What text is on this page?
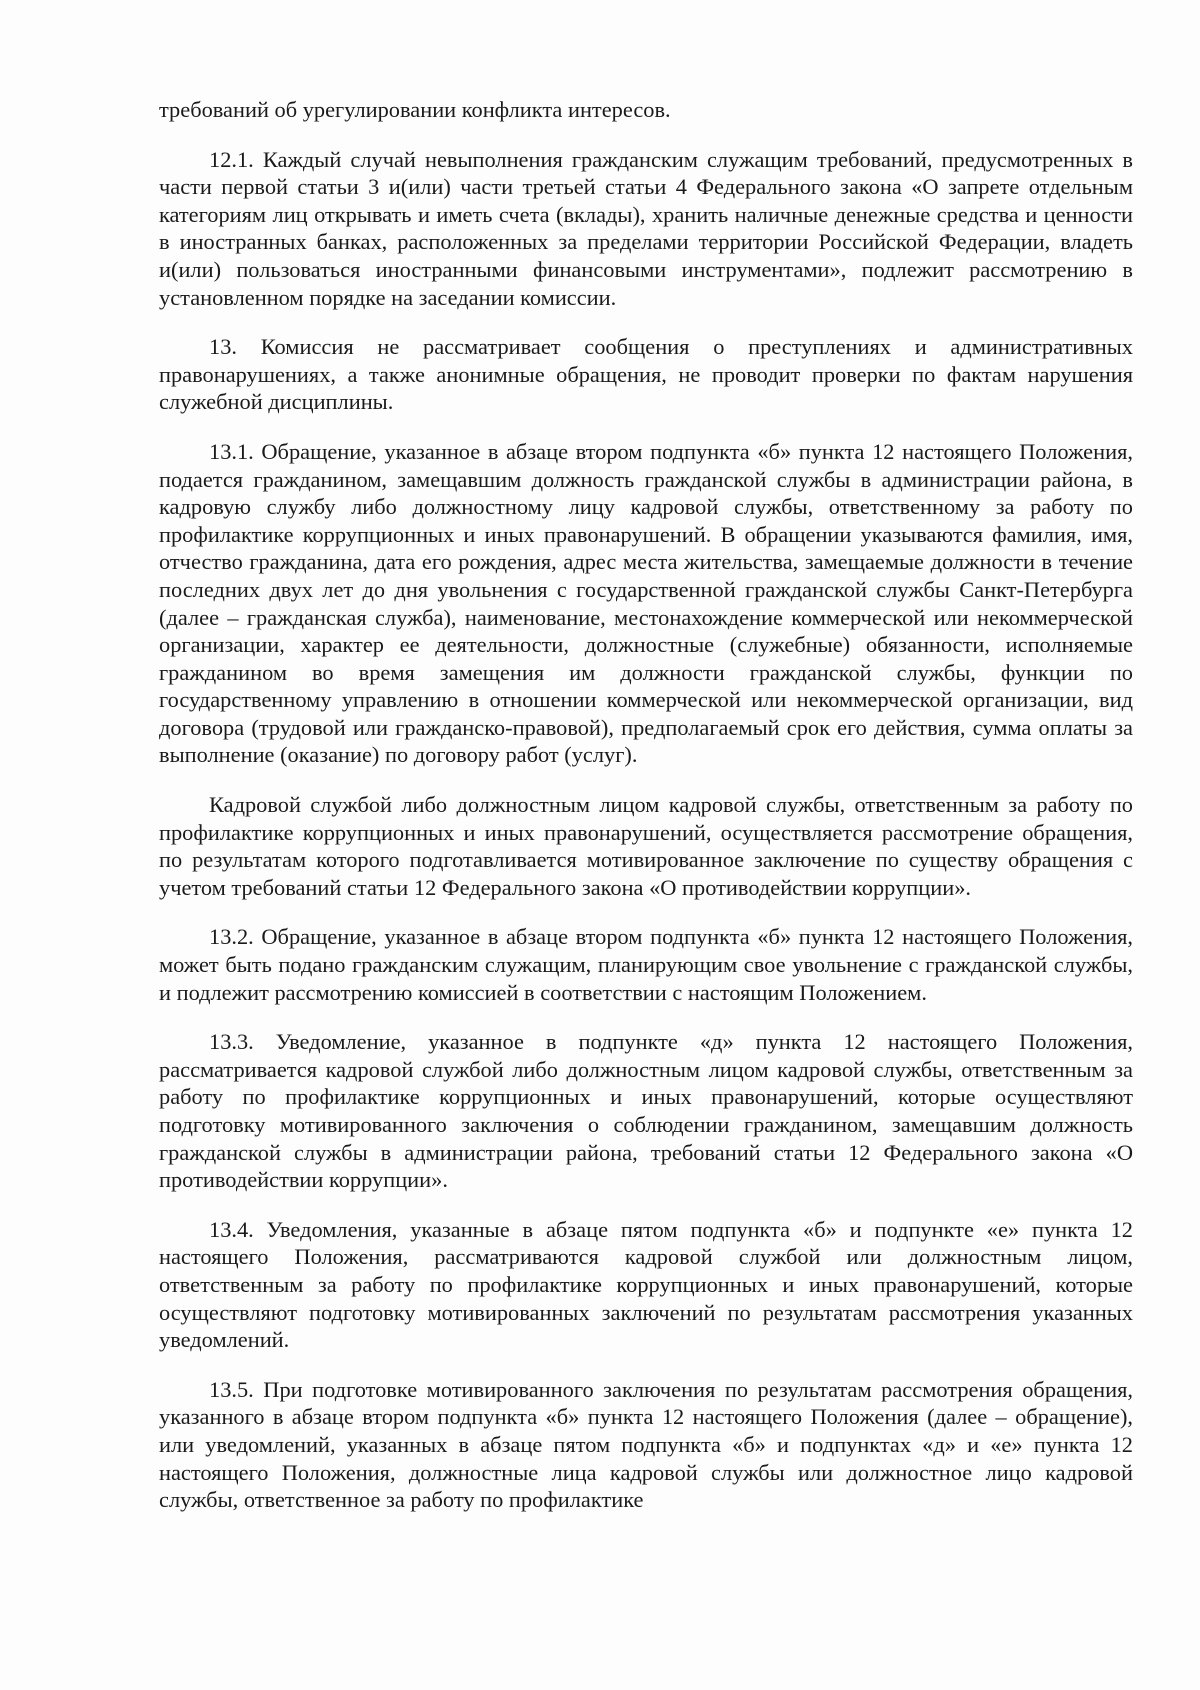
требований об урегулировании конфликта интересов.

12.1. Каждый случай невыполнения гражданским служащим требований, предусмотренных в части первой статьи 3 и(или) части третьей статьи 4 Федерального закона «О запрете отдельным категориям лиц открывать и иметь счета (вклады), хранить наличные денежные средства и ценности в иностранных банках, расположенных за пределами территории Российской Федерации, владеть и(или) пользоваться иностранными финансовыми инструментами», подлежит рассмотрению в установленном порядке на заседании комиссии.

13. Комиссия не рассматривает сообщения о преступлениях и административных правонарушениях, а также анонимные обращения, не проводит проверки по фактам нарушения служебной дисциплины.

13.1. Обращение, указанное в абзаце втором подпункта «б» пункта 12 настоящего Положения, подается гражданином, замещавшим должность гражданской службы в администрации района, в кадровую службу либо должностному лицу кадровой службы, ответственному за работу по профилактике коррупционных и иных правонарушений. В обращении указываются фамилия, имя, отчество гражданина, дата его рождения, адрес места жительства, замещаемые должности в течение последних двух лет до дня увольнения с государственной гражданской службы Санкт-Петербурга (далее – гражданская служба), наименование, местонахождение коммерческой или некоммерческой организации, характер ее деятельности, должностные (служебные) обязанности, исполняемые гражданином во время замещения им должности гражданской службы, функции по государственному управлению в отношении коммерческой или некоммерческой организации, вид договора (трудовой или гражданско-правовой), предполагаемый срок его действия, сумма оплаты за выполнение (оказание) по договору работ (услуг).

Кадровой службой либо должностным лицом кадровой службы, ответственным за работу по профилактике коррупционных и иных правонарушений, осуществляется рассмотрение обращения, по результатам которого подготавливается мотивированное заключение по существу обращения с учетом требований статьи 12 Федерального закона «О противодействии коррупции».

13.2. Обращение, указанное в абзаце втором подпункта «б» пункта 12 настоящего Положения, может быть подано гражданским служащим, планирующим свое увольнение с гражданской службы, и подлежит рассмотрению комиссией в соответствии с настоящим Положением.

13.3. Уведомление, указанное в подпункте «д» пункта 12 настоящего Положения, рассматривается кадровой службой либо должностным лицом кадровой службы, ответственным за работу по профилактике коррупционных и иных правонарушений, которые осуществляют подготовку мотивированного заключения о соблюдении гражданином, замещавшим должность гражданской службы в администрации района, требований статьи 12 Федерального закона «О противодействии коррупции».

13.4. Уведомления, указанные в абзаце пятом подпункта «б» и подпункте «е» пункта 12 настоящего Положения, рассматриваются кадровой службой или должностным лицом, ответственным за работу по профилактике коррупционных и иных правонарушений, которые осуществляют подготовку мотивированных заключений по результатам рассмотрения указанных уведомлений.

13.5. При подготовке мотивированного заключения по результатам рассмотрения обращения, указанного в абзаце втором подпункта «б» пункта 12 настоящего Положения (далее – обращение), или уведомлений, указанных в абзаце пятом подпункта «б» и подпунктах «д» и «е» пункта 12 настоящего Положения, должностные лица кадровой службы или должностное лицо кадровой службы, ответственное за работу по профилактике
